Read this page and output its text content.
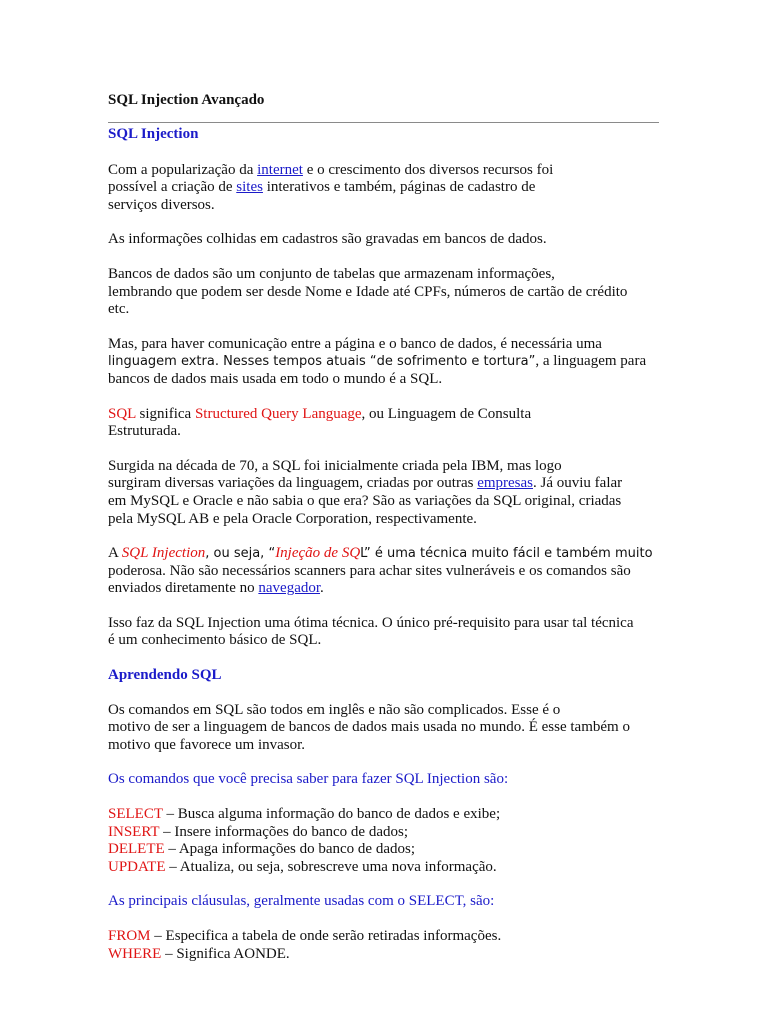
SQL Injection Avançado

SQL Injection

Com a popularização da internet e o crescimento dos diversos recursos foi
possível a criação de sites interativos e também, páginas de cadastro de
serviços diversos.

As informações colhidas em cadastros são gravadas em bancos de dados.

Bancos de dados são um conjunto de tabelas que armazenam informações,
lembrando que podem ser desde Nome e Idade até CPFs, números de cartão de crédito
etc.

Mas, para haver comunicação entre a página e o banco de dados, é necessária uma
linguagem extra. Nesses tempos atuais “de sofrimento e tortura”, a linguagem para
bancos de dados mais usada em todo o mundo é a SQL.

SQL significa Structured Query Language, ou Linguagem de Consulta
Estruturada.

Surgida na década de 70, a SQL foi inicialmente criada pela IBM, mas logo
surgiram diversas variações da linguagem, criadas por outras empresas. Já ouviu falar
em MySQL e Oracle e não sabia o que era? São as variações da SQL original, criadas
pela MySQL AB e pela Oracle Corporation, respectivamente.

A SQL Injection, ou seja, “Injeção de SQL” é uma técnica muito fácil e também muito
poderosa. Não são necessários scanners para achar sites vulneráveis e os comandos são
enviados diretamente no navegador.

Isso faz da SQL Injection uma ótima técnica. O único pré-requisito para usar tal técnica
é um conhecimento básico de SQL.

Aprendendo SQL

Os comandos em SQL são todos em inglês e não são complicados. Esse é o
motivo de ser a linguagem de bancos de dados mais usada no mundo. É esse também o
motivo que favorece um invasor.

Os comandos que você precisa saber para fazer SQL Injection são:

SELECT – Busca alguma informação do banco de dados e exibe;
INSERT – Insere informações do banco de dados;
DELETE – Apaga informações do banco de dados;
UPDATE – Atualiza, ou seja, sobrescreve uma nova informação.

As principais cláusulas, geralmente usadas com o SELECT, são:

FROM – Especifica a tabela de onde serão retiradas informações.
WHERE – Significa AONDE.
